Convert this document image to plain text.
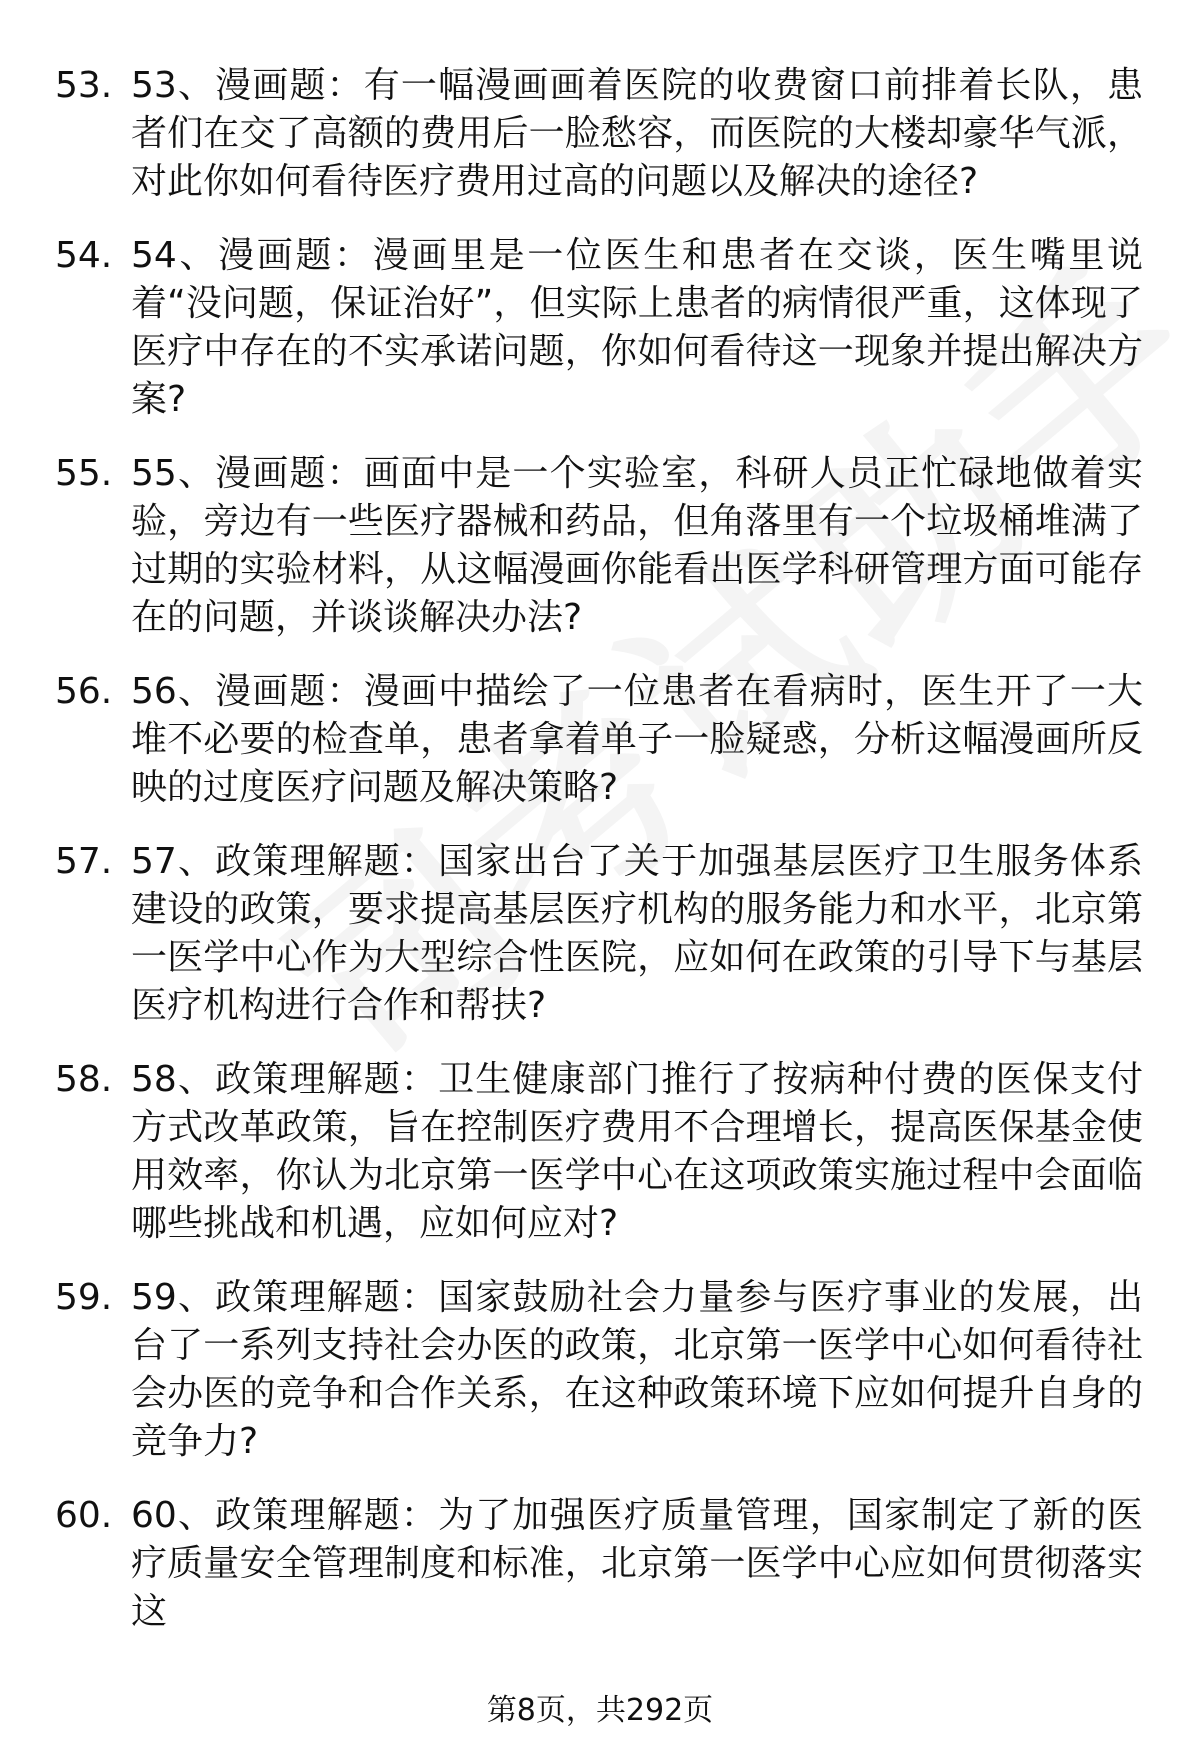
53. 53、漫画题：有一幅漫画画着医院的收费窗口前排着长队，患者们在交了高额的费用后一脸愁容，而医院的大楼却豪华气派，对此你如何看待医疗费用过高的问题以及解决的途径?
54. 54、漫画题：漫画里是一位医生和患者在交谈，医生嘴里说着“没问题，保证治好”，但实际上患者的病情很严重，这体现了医疗中存在的不实承诺问题，你如何看待这一现象并提出解决方案?
55. 55、漫画题：画面中是一个实验室，科研人员正忙碌地做着实验，旁边有一些医疗器械和药品，但角落里有一个垃圾桶堆满了过期的实验材料，从这幅漫画你能看出医学科研管理方面可能存在的问题，并谈谈解决办法?
56. 56、漫画题：漫画中描绘了一位患者在看病时，医生开了一大堆不必要的检查单，患者拿着单子一脸疑惑，分析这幅漫画所反映的过度医疗问题及解决策略?
57. 57、政策理解题：国家出台了关于加强基层医疗卫生服务体系建设的政策，要求提高基层医疗机构的服务能力和水平，北京第一医学中心作为大型综合性医院，应如何在政策的引导下与基层医疗机构进行合作和帮扶?
58. 58、政策理解题：卫生健康部门推行了按病种付费的医保支付方式改革政策，旨在控制医疗费用不合理增长，提高医保基金使用效率，你认为北京第一医学中心在这项政策实施过程中会面临哪些挑战和机遇，应如何应对?
59. 59、政策理解题：国家鼓励社会力量参与医疗事业的发展，出台了一系列支持社会办医的政策，北京第一医学中心如何看待社会办医的竞争和合作关系，在这种政策环境下应如何提升自身的竞争力?
60. 60、政策理解题：为了加强医疗质量管理，国家制定了新的医疗质量安全管理制度和标准，北京第一医学中心应如何贯彻落实这
第8页，共292页
